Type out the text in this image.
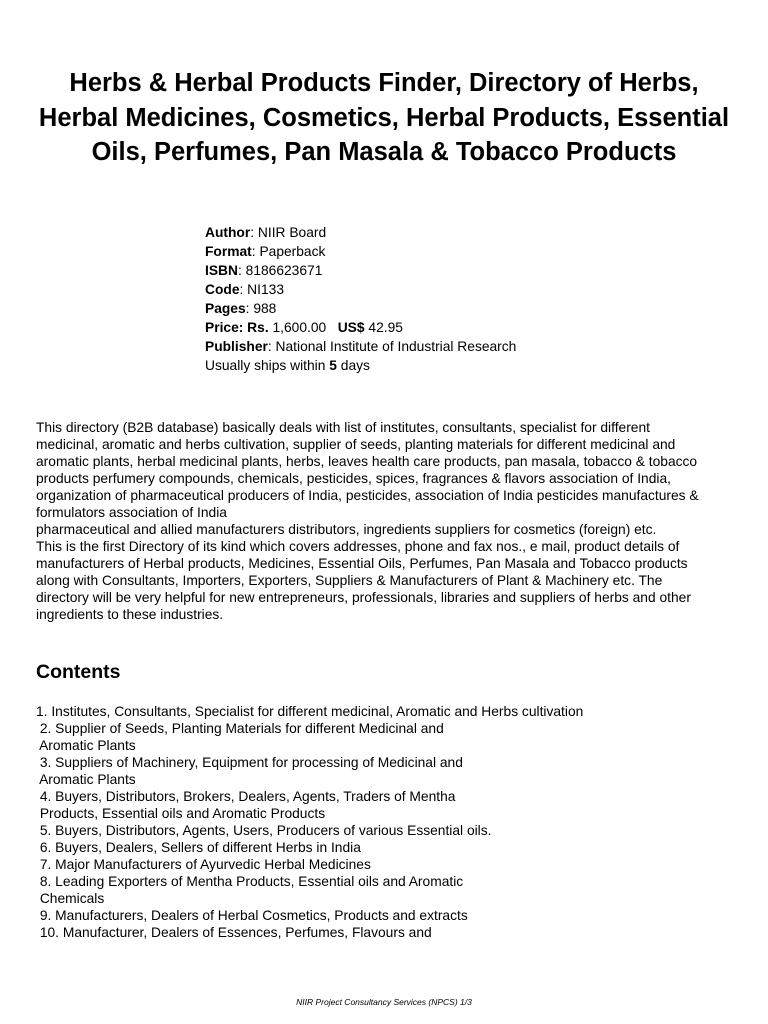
Herbs & Herbal Products Finder, Directory of Herbs, Herbal Medicines, Cosmetics, Herbal Products, Essential Oils, Perfumes, Pan Masala & Tobacco Products
Author: NIIR Board
Format: Paperback
ISBN: 8186623671
Code: NI133
Pages: 988
Price: Rs. 1,600.00 US$ 42.95
Publisher: National Institute of Industrial Research
Usually ships within 5 days

This directory (B2B database) basically deals with list of institutes, consultants, specialist for different

medicinal, aromatic and herbs cultivation, supplier of seeds, planting materials for different medicinal and

aromatic plants, herbal medicinal plants, herbs, leaves health care products, pan masala, tobacco & tobacco

products perfumery compounds, chemicals, pesticides, spices, fragrances & flavors association of India,

organization of pharmaceutical producers of India, pesticides, association of India pesticides manufactures &

formulators association of India

pharmaceutical and allied manufacturers distributors, ingredients suppliers for cosmetics (foreign) etc.

This is the first Directory of its kind which covers addresses, phone and fax nos., e mail, product details of

manufacturers of Herbal products, Medicines, Essential Oils, Perfumes, Pan Masala and Tobacco products

along with Consultants, Importers, Exporters, Suppliers & Manufacturers of Plant & Machinery etc. The

directory will be very helpful for new entrepreneurs, professionals, libraries and suppliers of herbs and other

ingredients to these industries.

Contents
1. Institutes, Consultants, Specialist for different medicinal, Aromatic and Herbs cultivation
2. Supplier of Seeds, Planting Materials for different Medicinal and
Aromatic Plants
3. Suppliers of Machinery, Equipment for processing of Medicinal and
Aromatic Plants
4. Buyers, Distributors, Brokers, Dealers, Agents, Traders of Mentha
Products, Essential oils and Aromatic Products
5. Buyers, Distributors, Agents, Users, Producers of various Essential oils.
6. Buyers, Dealers, Sellers of different Herbs in India
7. Major Manufacturers of Ayurvedic Herbal Medicines
8. Leading Exporters of Mentha Products, Essential oils and Aromatic
Chemicals
9. Manufacturers, Dealers of Herbal Cosmetics, Products and extracts
10. Manufacturer, Dealers of Essences, Perfumes, Flavours and
NIIR Project Consultancy Services (NPCS) 1/3
